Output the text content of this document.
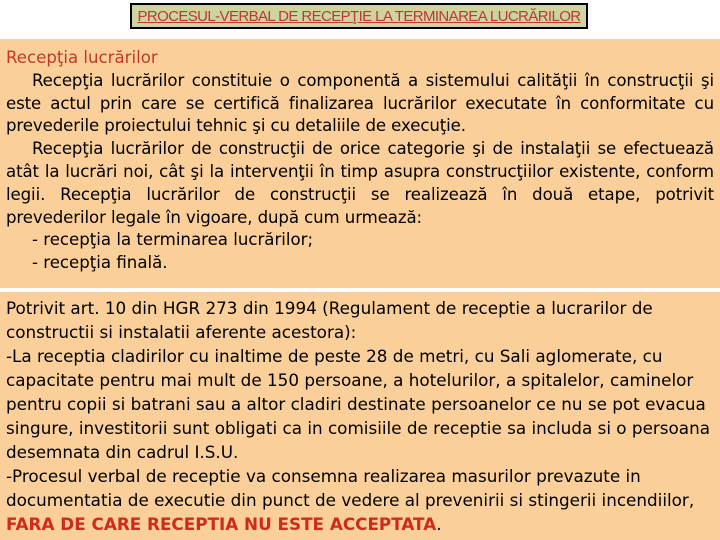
PROCESUL-VERBAL DE RECEPŢIE LA TERMINAREA LUCRĂRILOR
Recepţia lucrărilor

Recepţia lucrărilor constituie o componentă a sistemului calităţii în construcţii şi este actul prin care se certifică finalizarea lucrărilor executate în conformitate cu prevederile proiectului tehnic şi cu detaliile de execuţie.

Recepţia lucrărilor de construcţii de orice categorie şi de instalaţii se efectuează atât la lucrări noi, cât şi la intervenţii în timp asupra construcţiilor existente, conform legii. Recepţia lucrărilor de construcţii se realizează în două etape, potrivit prevederilor legale în vigoare, după cum urmează:

- recepţia la terminarea lucrărilor;
- recepţia finală.

Potrivit art. 10 din HGR 273 din 1994 (Regulament de receptie a lucrarilor de constructii si instalatii aferente acestora):

-La receptia cladirilor cu inaltime de peste 28 de metri, cu Sali aglomerate, cu capacitate pentru mai mult de 150 persoane, a hotelurilor, a spitalelor, caminelor pentru copii si batrani sau a altor cladiri destinate persoanelor ce nu se pot evacua singure, investitorii sunt obligati ca in comisiile de receptie sa includa si o persoana desemnata din cadrul I.S.U.

-Procesul verbal de receptie va consemna realizarea masurilor prevazute in documentatia de executie din punct de vedere al prevenirii si stingerii incendiilor, FARA DE CARE RECEPTIA NU ESTE ACCEPTATA.
